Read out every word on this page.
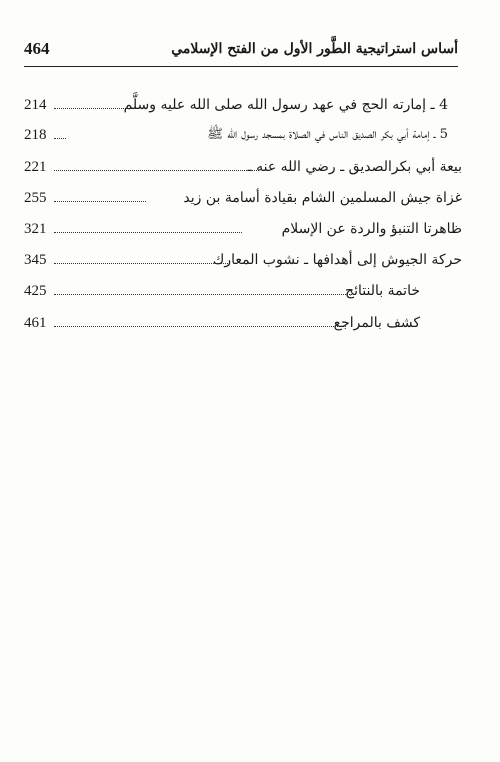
464	أساس استراتيجية الطَّور الأول من الفتح الإسلامي
214	4 ـ إمارته الحج في عهد رسول الله صلى الله عليه وسلَّم
218	5 ـ إمامة أبي بكر الصديق الناس في الصلاة بمسجد رسول الله ﷺ
221	بيعة أبي بكرالصديق ـ رضي الله عنه ـ
255	غزاة جيش المسلمين الشام بقيادة أسامة بن زيد
321	ظاهرتا التنبؤ والردة عن الإسلام
345	حركة الجيوش إلى أهدافها ـ نشوب المعارك
425	خاتمة بالنتائج
461	كشف بالمراجع
